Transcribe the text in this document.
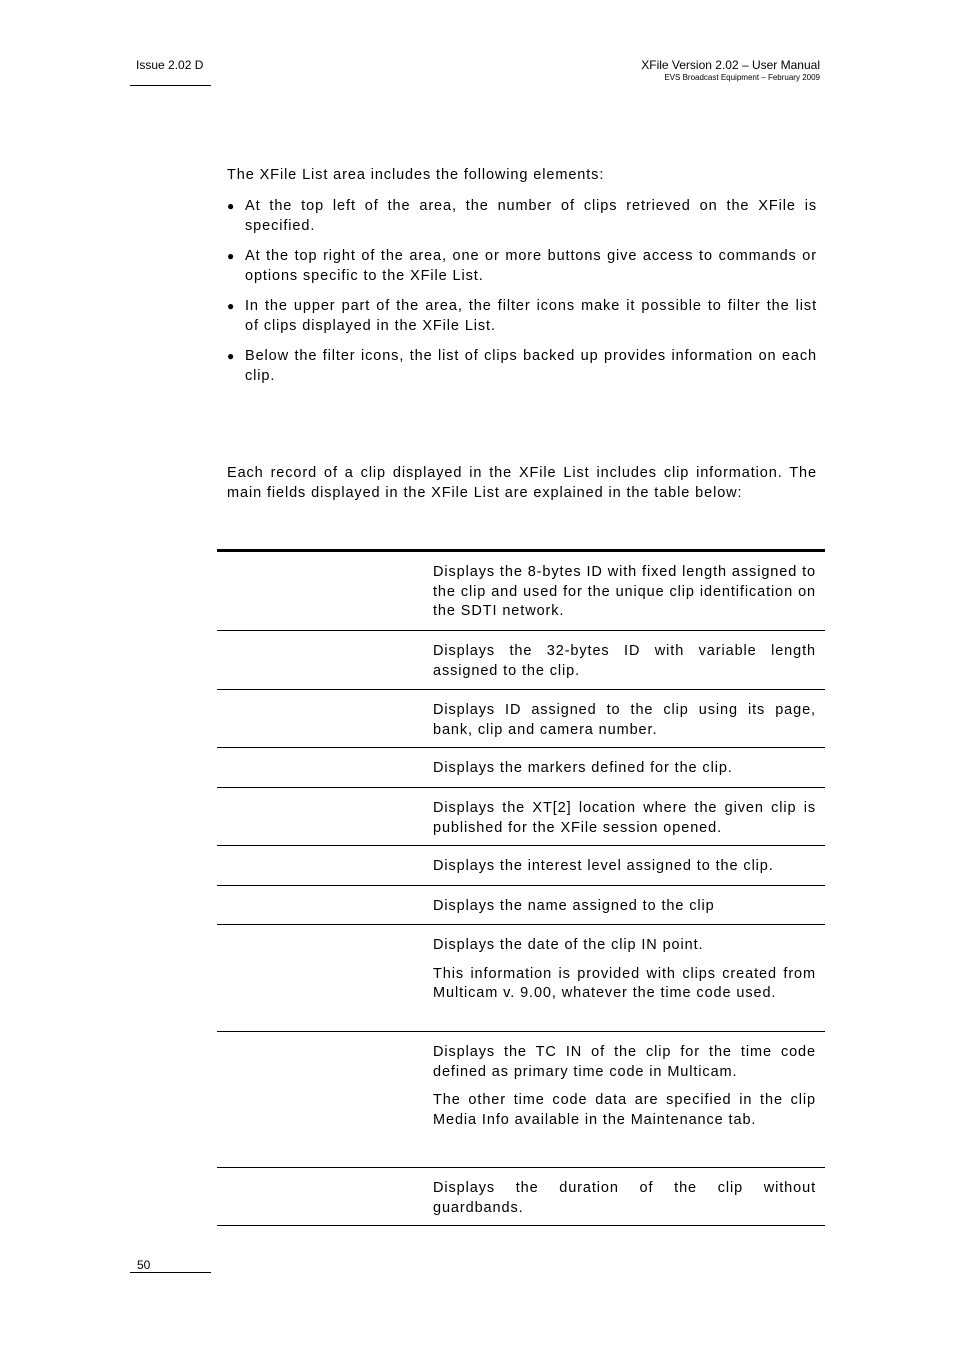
Issue 2.02 D	XFile Version 2.02 – User Manual
EVS Broadcast Equipment – February 2009
The XFile List area includes the following elements:
● At the top left of the area, the number of clips retrieved on the XFile is specified.
● At the top right of the area, one or more buttons give access to commands or options specific to the XFile List.
● In the upper part of the area, the filter icons make it possible to filter the list of clips displayed in the XFile List.
● Below the filter icons, the list of clips backed up provides information on each clip.
Each record of a clip displayed in the XFile List includes clip information. The main fields displayed in the XFile List are explained in the table below:

Displays the 8-bytes ID with fixed length assigned to the clip and used for the unique clip identification on the SDTI network.

Displays the 32-bytes ID with variable length assigned to the clip.

Displays ID assigned to the clip using its page, bank, clip and camera number.

Displays the markers defined for the clip.

Displays the XT[2] location where the given clip is published for the XFile session opened.

Displays the interest level assigned to the clip.

Displays the name assigned to the clip

Displays the date of the clip IN point.

This information is provided with clips created from Multicam v. 9.00, whatever the time code used.

Displays the TC IN of the clip for the time code defined as primary time code in Multicam.

The other time code data are specified in the clip Media Info available in the Maintenance tab.

Displays the duration of the clip without guardbands.

50
